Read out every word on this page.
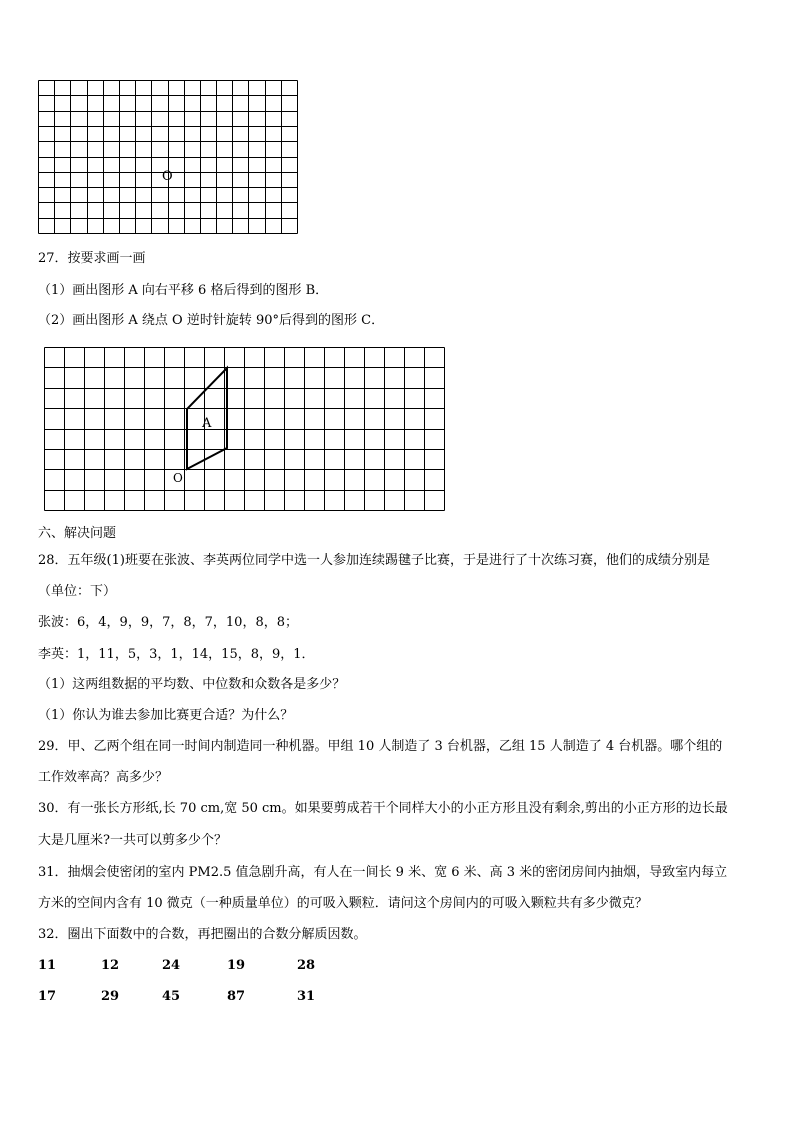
O
27．按要求画一画
（1）画出图形 A 向右平移 6 格后得到的图形 B．
（2）画出图形 A 绕点 O 逆时针旋转 90°后得到的图形 C．
A
O
六、解决问题
28．五年级(1)班要在张波、李英两位同学中选一人参加连续踢毽子比赛，于是进行了十次练习赛，他们的成绩分别是
（单位：下）
张波：6，4，9，9，7，8，7，10，8，8；
李英：1，11，5，3，1，14，15，8，9，1．
（1）这两组数据的平均数、中位数和众数各是多少？
（1）你认为谁去参加比赛更合适？为什么？
29．甲、乙两个组在同一时间内制造同一种机器。甲组 10 人制造了 3 台机器，乙组 15 人制造了 4 台机器。哪个组的
工作效率高？高多少？
30．有一张长方形纸,长 70 cm,宽 50 cm。如果要剪成若干个同样大小的小正方形且没有剩余,剪出的小正方形的边长最
大是几厘米?一共可以剪多少个？
31．抽烟会使密闭的室内 PM2.5 值急剧升高，有人在一间长 9 米、宽 6 米、高 3 米的密闭房间内抽烟，导致室内每立
方米的空间内含有 10 微克（一种质量单位）的可吸入颗粒．请问这个房间内的可吸入颗粒共有多少微克？
32．圈出下面数中的合数，再把圈出的合数分解质因数。
11	12	24	19	28
17	29	45	87	31
